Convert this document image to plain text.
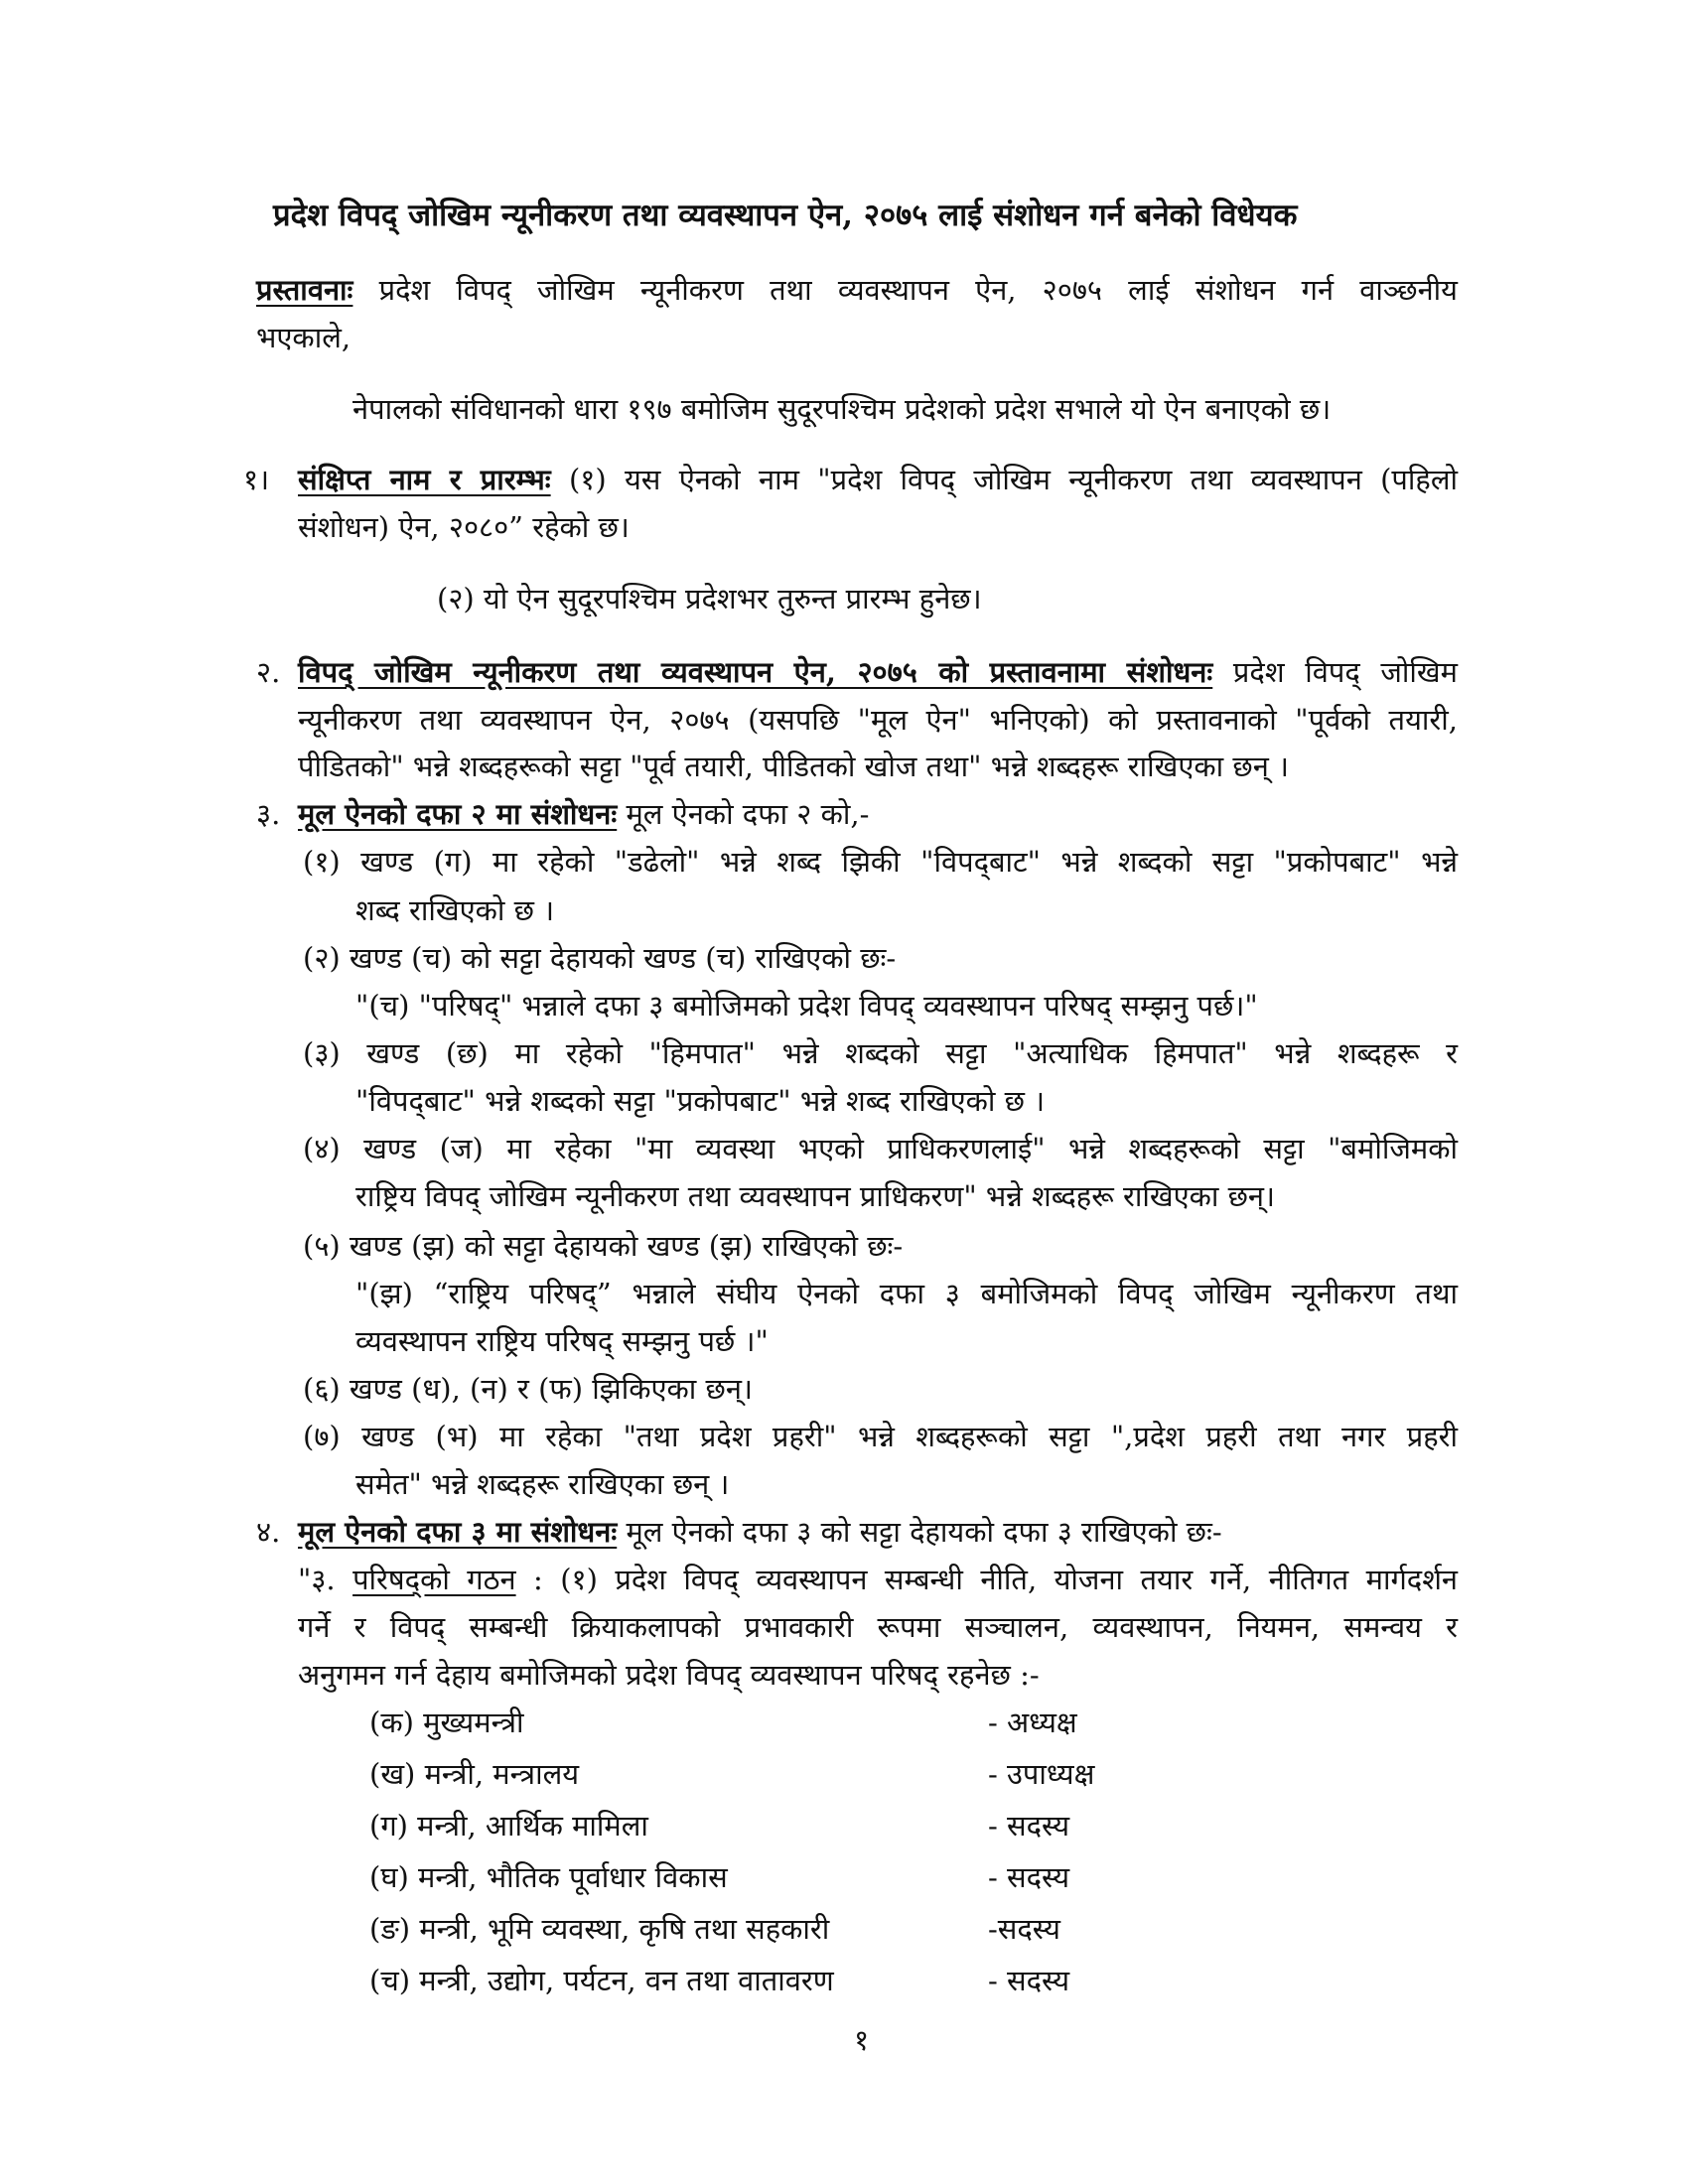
प्रदेश विपद् जोखिम न्यूनीकरण तथा व्यवस्थापन ऐन, २०७५ लाई संशोधन गर्न बनेको विधेयक
प्रस्तावनाः प्रदेश विपद् जोखिम न्यूनीकरण तथा व्यवस्थापन ऐन, २०७५ लाई संशोधन गर्न वाञ्छनीय
भएकाले,
नेपालको संविधानको धारा १९७ बमोजिम सुदूरपश्चिम प्रदेशको प्रदेश सभाले यो ऐन बनाएको छ।
१। संक्षिप्त नाम र प्रारम्भः (१) यस ऐनको नाम "प्रदेश विपद् जोखिम न्यूनीकरण तथा व्यवस्थापन (पहिलो
संशोधन) ऐन, २०८०” रहेको छ।
(२) यो ऐन सुदूरपश्चिम प्रदेशभर तुरुन्त प्रारम्भ हुनेछ।
२. विपद् जोखिम न्यूनीकरण तथा व्यवस्थापन ऐन, २०७५ को प्रस्तावनामा संशोधनः प्रदेश विपद् जोखिम
न्यूनीकरण तथा व्यवस्थापन ऐन, २०७५ (यसपछि "मूल ऐन" भनिएको) को प्रस्तावनाको "पूर्वको तयारी,
पीडितको" भन्ने शब्दहरूको सट्टा "पूर्व तयारी, पीडितको खोज तथा" भन्ने शब्दहरू राखिएका छन् ।
३. मूल ऐनको दफा २ मा संशोधनः मूल ऐनको दफा २ को,-
(१) खण्ड (ग) मा रहेको "डढेलो" भन्ने शब्द झिकी "विपद्‌बाट" भन्ने शब्दको सट्टा "प्रकोपबाट" भन्ने
शब्द राखिएको छ ।
(२) खण्ड (च) को सट्टा देहायको खण्ड (च) राखिएको छः-
"(च) "परिषद्" भन्नाले दफा ३ बमोजिमको प्रदेश विपद् व्यवस्थापन परिषद् सम्झनु पर्छ।"
(३) खण्ड (छ) मा रहेको "हिमपात" भन्ने शब्दको सट्टा "अत्याधिक हिमपात" भन्ने शब्दहरू र
"विपद्‌बाट" भन्ने शब्दको सट्टा "प्रकोपबाट" भन्ने शब्द राखिएको छ ।
(४) खण्ड (ज) मा रहेका "मा व्यवस्था भएको प्राधिकरणलाई" भन्ने शब्दहरूको सट्टा "बमोजिमको
राष्ट्रिय विपद् जोखिम न्यूनीकरण तथा व्यवस्थापन प्राधिकरण" भन्ने शब्दहरू राखिएका छन्।
(५) खण्ड (झ) को सट्टा देहायको खण्ड (झ) राखिएको छः-
"(झ) “राष्ट्रिय परिषद्” भन्नाले संघीय ऐनको दफा ३ बमोजिमको विपद् जोखिम न्यूनीकरण तथा
व्यवस्थापन राष्ट्रिय परिषद् सम्झनु पर्छ ।"
(६) खण्ड (ध), (न) र (फ) झिकिएका छन्।
(७) खण्ड (भ) मा रहेका "तथा प्रदेश प्रहरी" भन्ने शब्दहरूको सट्टा ",प्रदेश प्रहरी तथा नगर प्रहरी
समेत" भन्ने शब्दहरू राखिएका छन् ।
४. मूल ऐनको दफा ३ मा संशोधनः मूल ऐनको दफा ३ को सट्टा देहायको दफा ३ राखिएको छः-
"३. परिषद्को गठन : (१) प्रदेश विपद् व्यवस्थापन सम्बन्धी नीति, योजना तयार गर्ने, नीतिगत मार्गदर्शन
गर्ने र विपद् सम्बन्धी क्रियाकलापको प्रभावकारी रूपमा सञ्चालन, व्यवस्थापन, नियमन, समन्वय र
अनुगमन गर्न देहाय बमोजिमको प्रदेश विपद् व्यवस्थापन परिषद् रहनेछ :-
(क) मुख्यमन्त्री	- अध्यक्ष
(ख) मन्त्री, मन्त्रालय	- उपाध्यक्ष
(ग) मन्त्री, आर्थिक मामिला	- सदस्य
(घ) मन्त्री, भौतिक पूर्वाधार विकास	- सदस्य
(ङ) मन्त्री, भूमि व्यवस्था, कृषि तथा सहकारी	-सदस्य
(च) मन्त्री, उद्योग, पर्यटन, वन तथा वातावरण	- सदस्य
१
